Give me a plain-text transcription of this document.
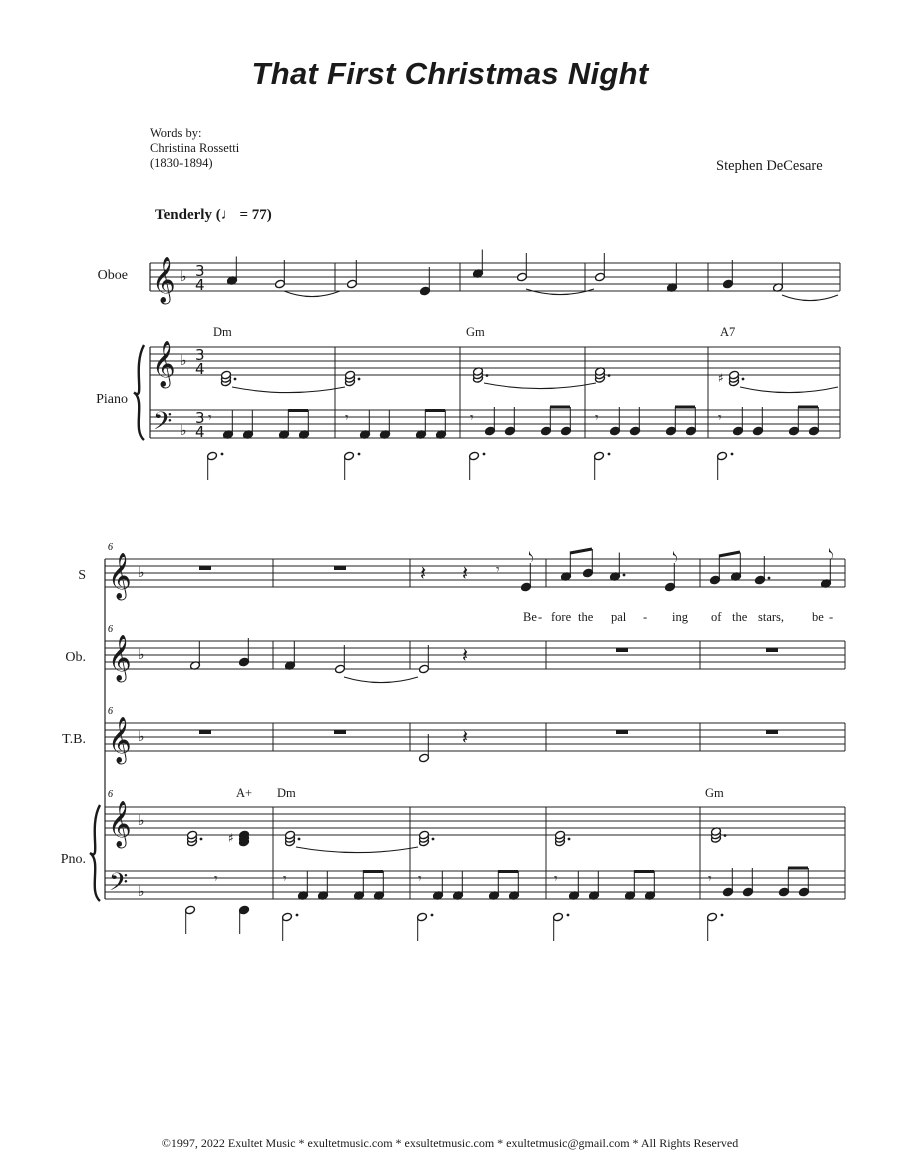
That First Christmas Night
Words by:
Christina Rossetti
(1830-1894)	Stephen DeCesare
Tenderly (♩ = 77)
Oboe
Piano
S
Ob.
T.B.
Pno.
𝄞
𝄞
𝄢
♭
♭
♭
3
4
3
4
3
4
♯
𝄾	𝄾	𝄾	𝄾	𝄾
𝄞 ♭
𝄞 ♭
𝄞 ♭
𝄞 ♭
𝄢 ♭
𝄽 𝄽 𝄾 𝅮	𝅮	𝅮
𝄽
𝄽
♯
𝄾	𝄾	𝄾	𝄾	𝄾
Dm	Gm	A7
6
6
6
6	A+ Dm	Gm
Be - fore the pal - ing of the stars, be -
©1997, 2022 Exultet Music * exultetmusic.com * exsultetmusic.com * exultetmusic@gmail.com * All Rights Reserved
